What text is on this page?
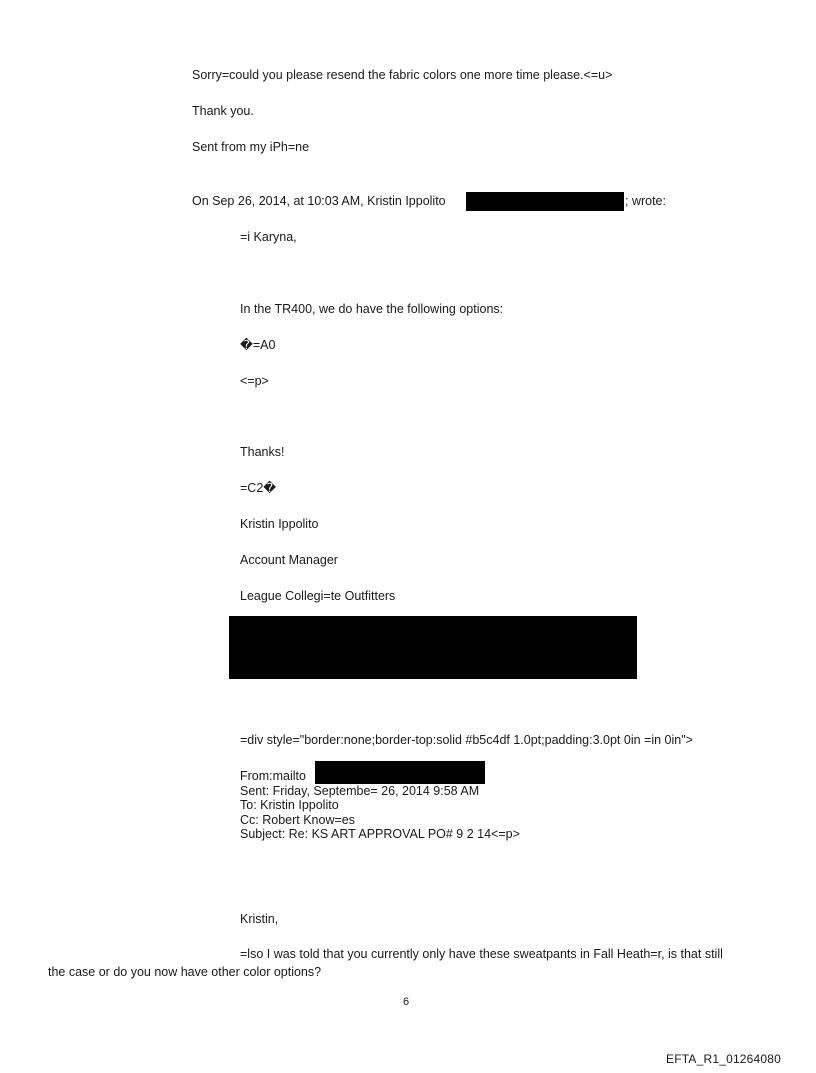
Sorry=could you please resend the fabric colors one more time please.<=u>
Thank you.
Sent from my iPh=ne
On Sep 26, 2014, at 10:03 AM, Kristin Ippolito	; wrote:
=i Karyna,
In the TR400, we do have the following options:
�=A0
<=p>
Thanks!
=C2�
Kristin Ippolito
Account Manager
League Collegi=te Outfitters
=div style="border:none;border-top:solid #b5c4df 1.0pt;padding:3.0pt 0in =in 0in">
From:mailto
Sent: Friday, Septembe= 26, 2014 9:58 AM
To: Kristin Ippolito
Cc: Robert Know=es
Subject: Re: KS ART APPROVAL PO# 9 2 14<=p>
Kristin,
=lso I was told that you currently only have these sweatpants in Fall Heath=r, is that still
the case or do you now have other color options?
6
EFTA_R1_01264080
